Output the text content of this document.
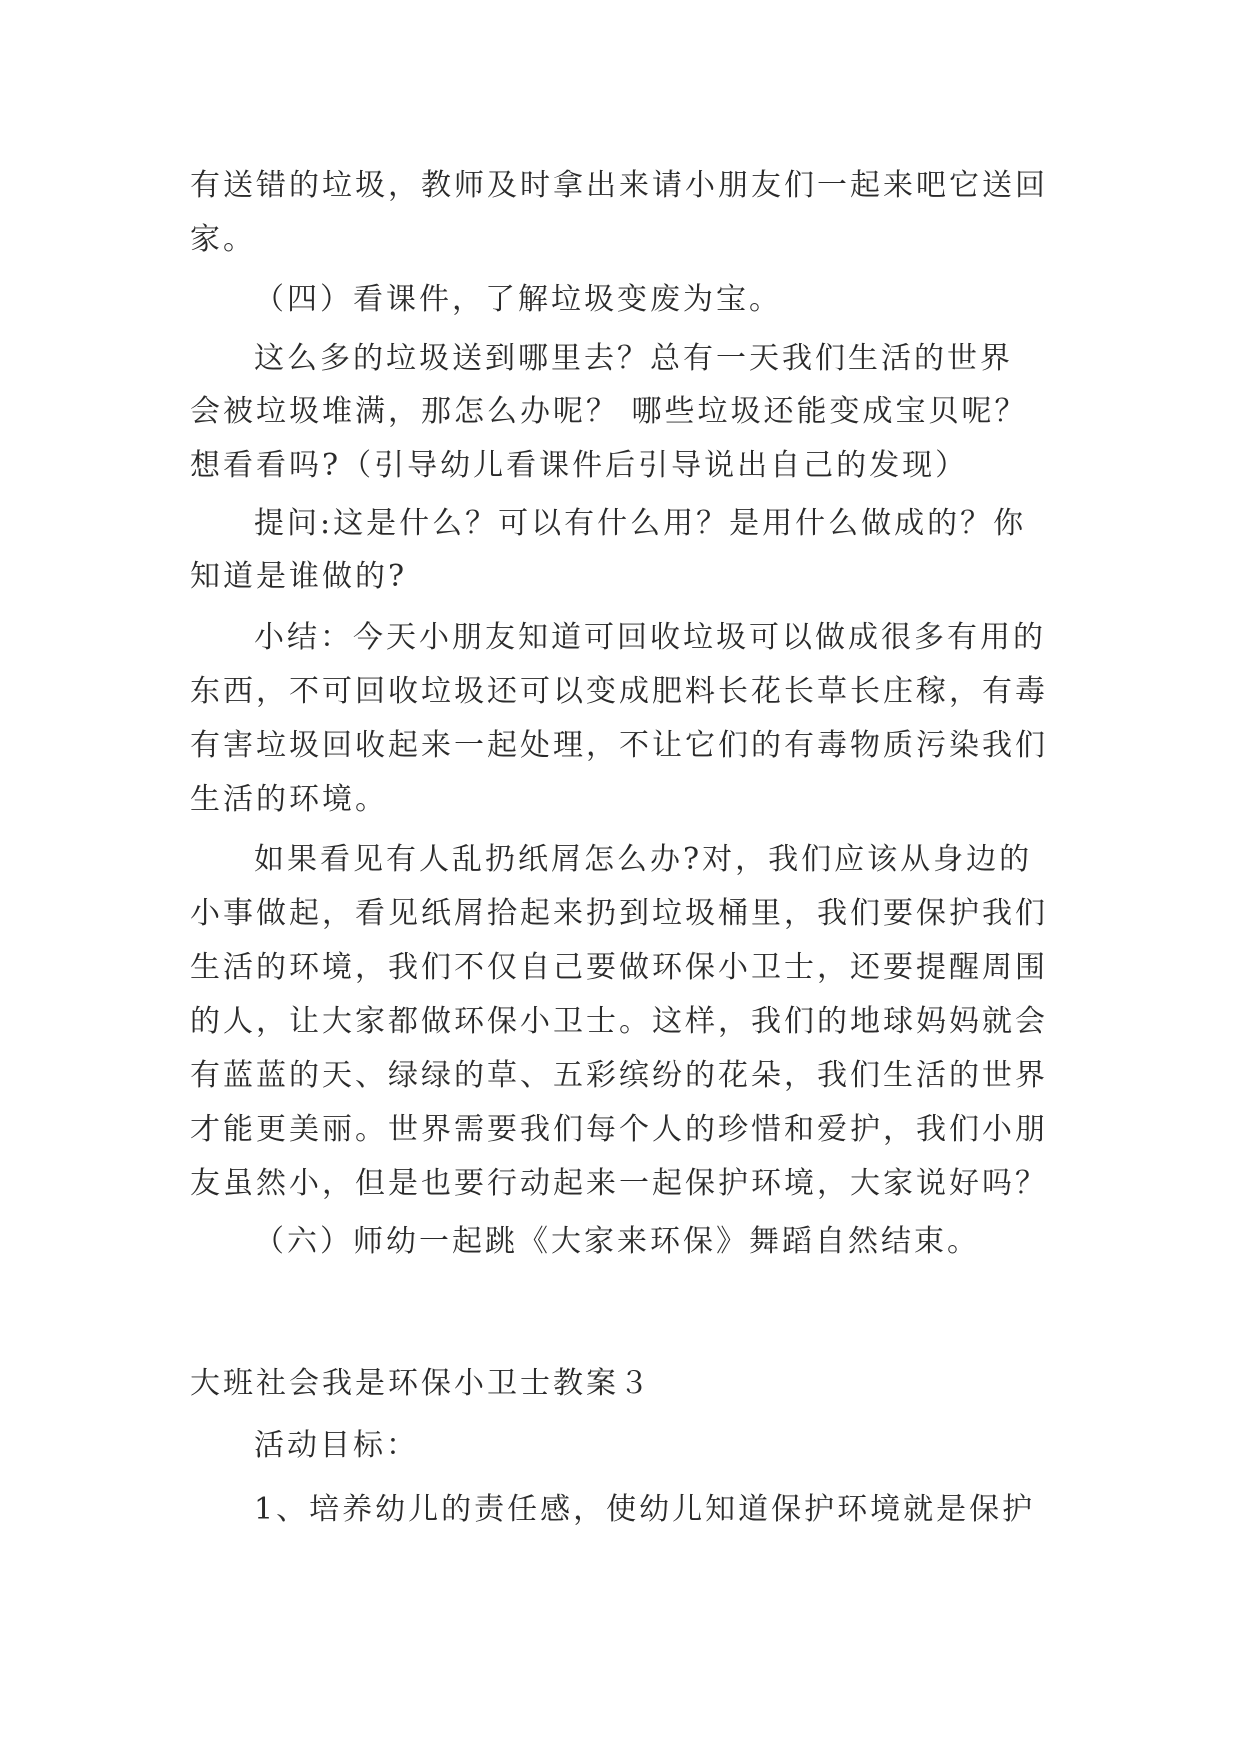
有送错的垃圾，教师及时拿出来请小朋友们一起来吧它送回
家。
（四）看课件，了解垃圾变废为宝。
这么多的垃圾送到哪里去？总有一天我们生活的世界
会被垃圾堆满，那怎么办呢？ 哪些垃圾还能变成宝贝呢？
想看看吗?（引导幼儿看课件后引导说出自己的发现）
提问:这是什么？可以有什么用？是用什么做成的？你
知道是谁做的?
小结：今天小朋友知道可回收垃圾可以做成很多有用的
东西，不可回收垃圾还可以变成肥料长花长草长庄稼，有毒
有害垃圾回收起来一起处理，不让它们的有毒物质污染我们
生活的环境。
如果看见有人乱扔纸屑怎么办?对，我们应该从身边的
小事做起，看见纸屑拾起来扔到垃圾桶里，我们要保护我们
生活的环境，我们不仅自己要做环保小卫士，还要提醒周围
的人，让大家都做环保小卫士。这样，我们的地球妈妈就会
有蓝蓝的天、绿绿的草、五彩缤纷的花朵，我们生活的世界
才能更美丽。世界需要我们每个人的珍惜和爱护，我们小朋
友虽然小，但是也要行动起来一起保护环境，大家说好吗？
（六）师幼一起跳《大家来环保》舞蹈自然结束。
大班社会我是环保小卫士教案３
活动目标：
1、培养幼儿的责任感，使幼儿知道保护环境就是保护
